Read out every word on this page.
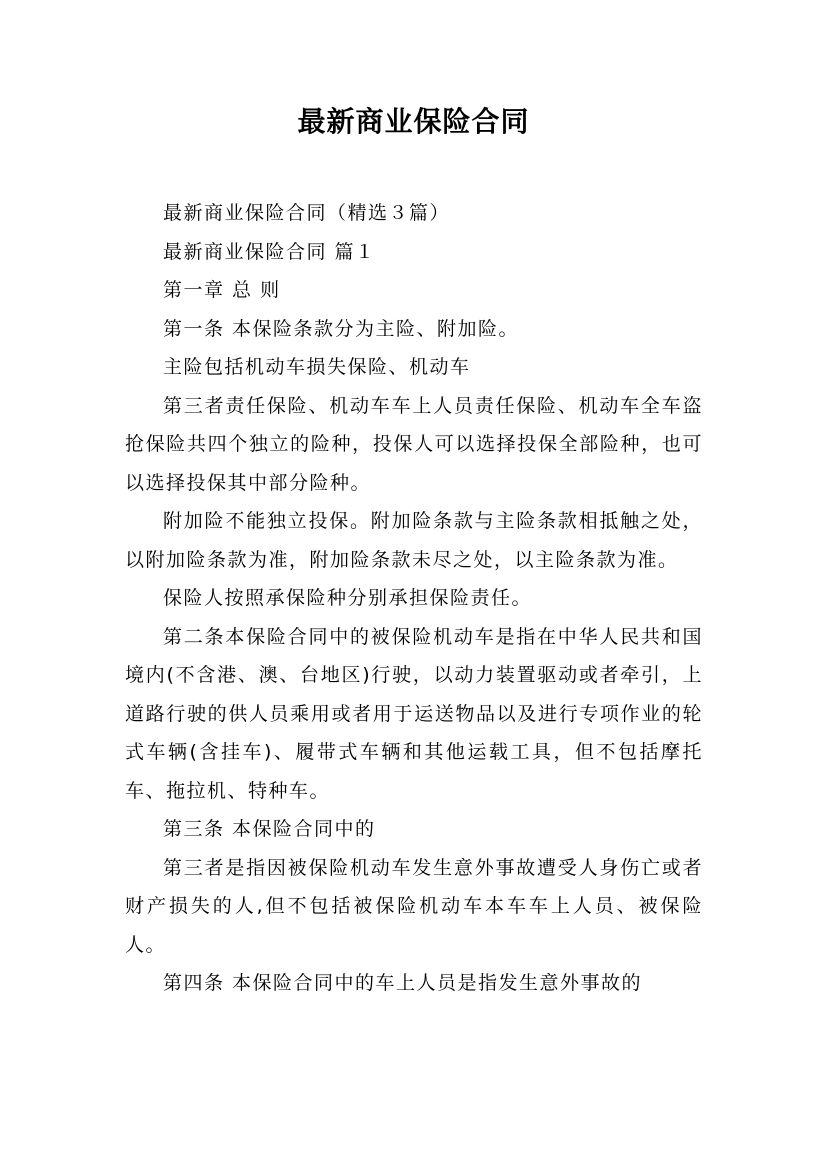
最新商业保险合同

最新商业保险合同（精选３篇）

最新商业保险合同 篇１

第一章 总 则

第一条 本保险条款分为主险、附加险。

主险包括机动车损失保险、机动车

第三者责任保险、机动车车上人员责任保险、机动车全车盗抢保险共四个独立的险种，投保人可以选择投保全部险种，也可以选择投保其中部分险种。

附加险不能独立投保。附加险条款与主险条款相抵触之处，以附加险条款为准，附加险条款未尽之处，以主险条款为准。

保险人按照承保险种分别承担保险责任。

第二条本保险合同中的被保险机动车是指在中华人民共和国境内(不含港、澳、台地区)行驶，以动力装置驱动或者牵引，上道路行驶的供人员乘用或者用于运送物品以及进行专项作业的轮式车辆(含挂车)、履带式车辆和其他运载工具，但不包括摩托车、拖拉机、特种车。

第三条 本保险合同中的

第三者是指因被保险机动车发生意外事故遭受人身伤亡或者财产损失的人,但不包括被保险机动车本车车上人员、被保险人。

第四条 本保险合同中的车上人员是指发生意外事故的
